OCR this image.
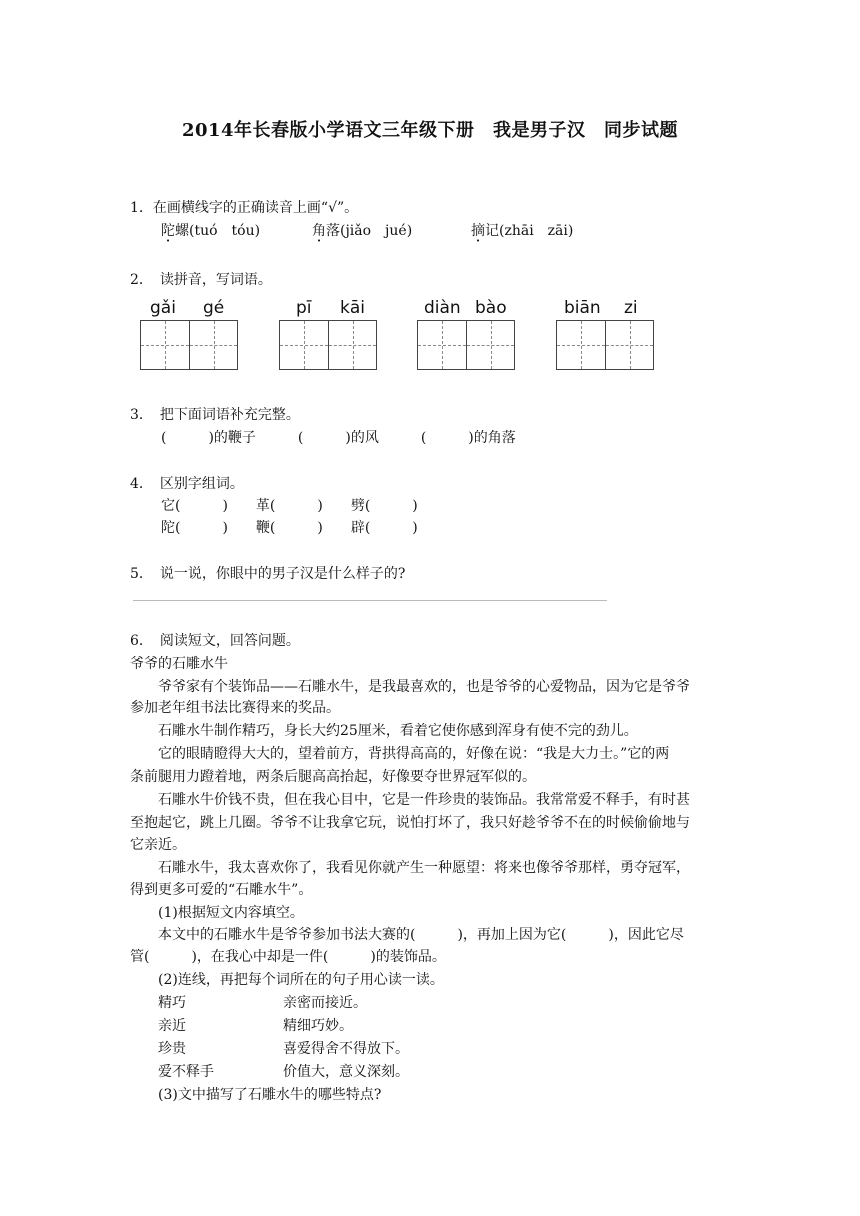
2014年长春版小学语文三年级下册　我是男子汉　同步试题
1．在画横线字的正确读音上画“√”。
陀螺(tuó　tóu)	角落(jiǎo　jué)	摘记(zhāi　zāi)
2．　读拼音，写词语。
gǎi gé	pī kāi	diàn bào	biān zi
3．　把下面词语补充完整。
(　　　)的鞭子　　　(　　　)的风　　　(　　　)的角落
4．　区别字组词。
它(　　　)　　革(　　　)　　劈(　　　)
陀(　　　)　　鞭(　　　)　　辟(　　　)
5．　说一说，你眼中的男子汉是什么样子的?
6．　阅读短文，回答问题。
爷爷的石雕水牛
　　爷爷家有个装饰品——石雕水牛，是我最喜欢的，也是爷爷的心爱物品，因为它是爷爷
参加老年组书法比赛得来的奖品。
　　石雕水牛制作精巧，身长大约25厘米，看着它使你感到浑身有使不完的劲儿。
　　它的眼睛瞪得大大的，望着前方，背拱得高高的，好像在说：“我是大力士。”它的两
条前腿用力蹬着地，两条后腿高高抬起，好像要夺世界冠军似的。
　　石雕水牛价钱不贵，但在我心目中，它是一件珍贵的装饰品。我常常爱不释手，有时甚
至抱起它，跳上几圈。爷爷不让我拿它玩，说怕打坏了，我只好趁爷爷不在的时候偷偷地与
它亲近。
　　石雕水牛，我太喜欢你了，我看见你就产生一种愿望：将来也像爷爷那样，勇夺冠军，
得到更多可爱的“石雕水牛”。
　　(1)根据短文内容填空。
　　本文中的石雕水牛是爷爷参加书法大赛的(　　　)，再加上因为它(　　　)，因此它尽
管(　　　)，在我心中却是一件(　　　)的装饰品。
　　(2)连线，再把每个词所在的句子用心读一读。
精巧	亲密而接近。
亲近	精细巧妙。
珍贵	喜爱得舍不得放下。
爱不释手	价值大，意义深刻。
　　(3)文中描写了石雕水牛的哪些特点?
